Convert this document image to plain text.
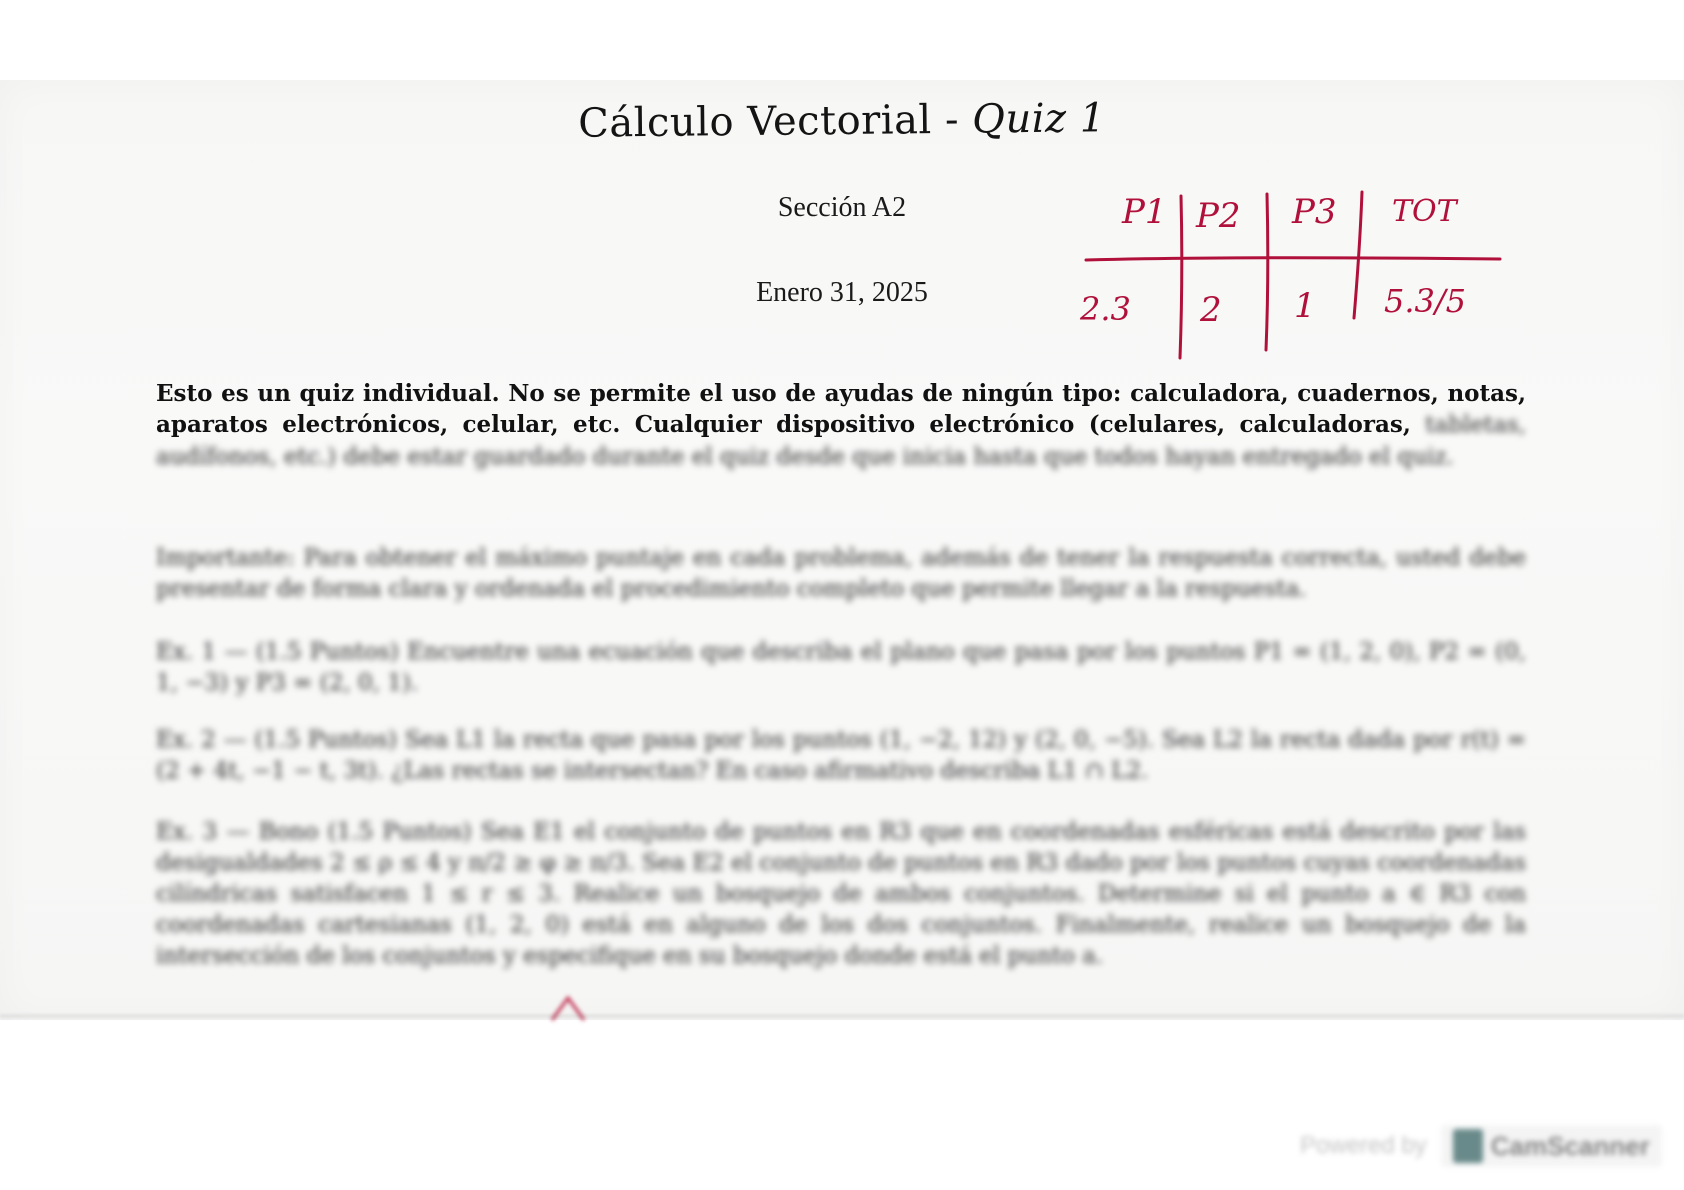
Cálculo Vectorial - Quiz 1
Sección A2
Enero 31, 2025
P1 P2 P3 TOT
2.3 2 1 5.3/5
Esto es un quiz individual. No se permite el uso de ayudas de ningún tipo: calculadora, cuadernos, notas, aparatos electrónicos, celular, etc. Cualquier dispositivo electrónico (celulares, calculadoras, tabletas, audífonos, etc.) debe estar guardado durante el quiz desde que inicia hasta que todos hayan entregado el quiz.
Importante: Para obtener el máximo puntaje en cada problema, además de tener la respuesta correcta, usted debe presentar de forma clara y ordenada el procedimiento completo que permite llegar a la respuesta.
Ex. 1 — (1.5 Puntos) Encuentre una ecuación que describa el plano que pasa por los puntos P1 = (1, 2, 0), P2 = (0, 1, −3) y P3 = (2, 0, 1).
Ex. 2 — (1.5 Puntos) Sea L1 la recta que pasa por los puntos (1, −2, 12) y (2, 0, −5). Sea L2 la recta dada por r(t) = (2 + 4t, −1 − t, 3t). ¿Las rectas se intersectan? En caso afirmativo describa L1 ∩ L2.
Ex. 3 — Bono (1.5 Puntos) Sea E1 el conjunto de puntos en R3 que en coordenadas esféricas está descrito por las desigualdades 2 ≤ ρ ≤ 4 y π/2 ≥ φ ≥ π/3. Sea E2 el conjunto de puntos en R3 dado por los puntos cuyas coordenadas cilíndricas satisfacen 1 ≤ r ≤ 3. Realice un bosquejo de ambos conjuntos. Determine si el punto a ∈ R3 con coordenadas cartesianas (1, 2, 0) está en alguno de los dos conjuntos. Finalmente, realice un bosquejo de la intersección de los conjuntos y especifique en su bosquejo donde está el punto a.
Powered by CamScanner
